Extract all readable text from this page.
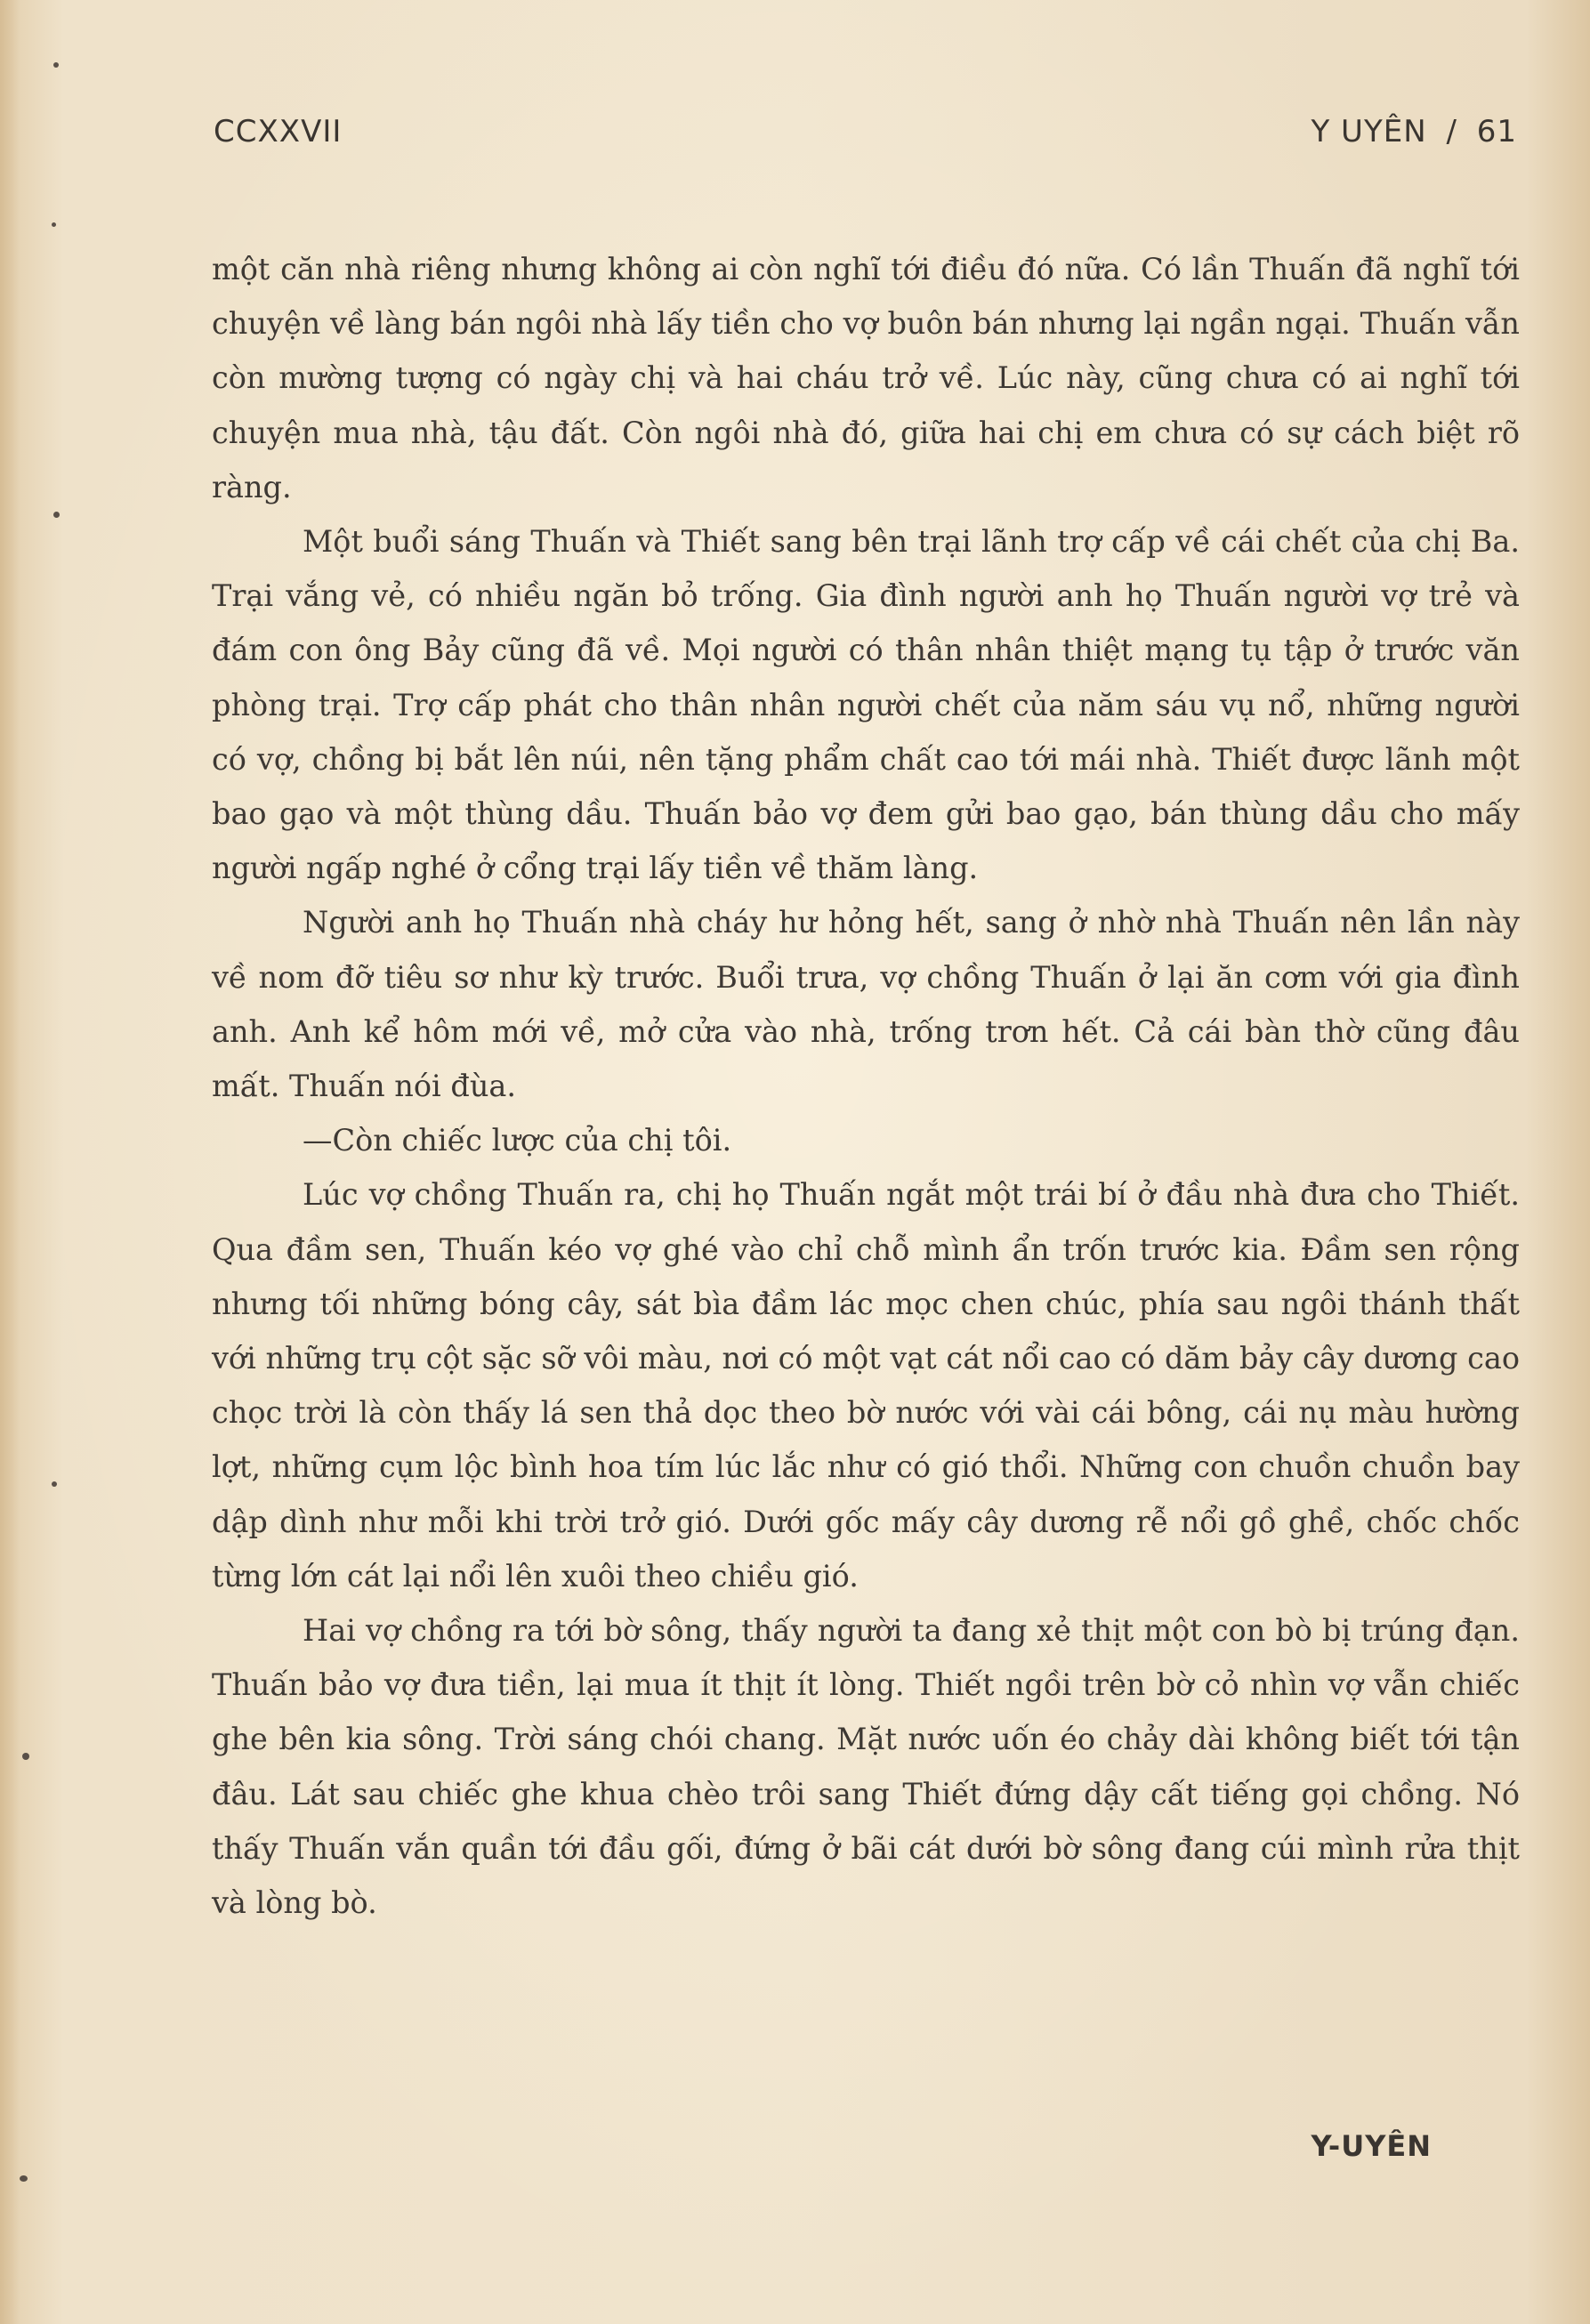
CCXXVII	Y UYÊN / 61

một căn nhà riêng nhưng không ai còn nghĩ tới điều đó nữa. Có lần Thuấn đã nghĩ tới chuyện về làng bán ngôi nhà lấy tiền cho vợ buôn bán nhưng lại ngần ngại. Thuấn vẫn còn mường tượng có ngày chị và hai cháu trở về. Lúc này, cũng chưa có ai nghĩ tới chuyện mua nhà, tậu đất. Còn ngôi nhà đó, giữa hai chị em chưa có sự cách biệt rõ ràng.

Một buổi sáng Thuấn và Thiết sang bên trại lãnh trợ cấp về cái chết của chị Ba. Trại vắng vẻ, có nhiều ngăn bỏ trống. Gia đình người anh họ Thuấn người vợ trẻ và đám con ông Bảy cũng đã về. Mọi người có thân nhân thiệt mạng tụ tập ở trước văn phòng trại. Trợ cấp phát cho thân nhân người chết của năm sáu vụ nổ, những người có vợ, chồng bị bắt lên núi, nên tặng phẩm chất cao tới mái nhà. Thiết được lãnh một bao gạo và một thùng dầu. Thuấn bảo vợ đem gửi bao gạo, bán thùng dầu cho mấy người ngấp nghé ở cổng trại lấy tiền về thăm làng.

Người anh họ Thuấn nhà cháy hư hỏng hết, sang ở nhờ nhà Thuấn nên lần này về nom đỡ tiêu sơ như kỳ trước. Buổi trưa, vợ chồng Thuấn ở lại ăn cơm với gia đình anh. Anh kể hôm mới về, mở cửa vào nhà, trống trơn hết. Cả cái bàn thờ cũng đâu mất. Thuấn nói đùa.

—Còn chiếc lược của chị tôi.

Lúc vợ chồng Thuấn ra, chị họ Thuấn ngắt một trái bí ở đầu nhà đưa cho Thiết. Qua đầm sen, Thuấn kéo vợ ghé vào chỉ chỗ mình ẩn trốn trước kia. Đầm sen rộng nhưng tối những bóng cây, sát bìa đầm lác mọc chen chúc, phía sau ngôi thánh thất với những trụ cột sặc sỡ vôi màu, nơi có một vạt cát nổi cao có dăm bảy cây dương cao chọc trời là còn thấy lá sen thả dọc theo bờ nước với vài cái bông, cái nụ màu hường lợt, những cụm lộc bình hoa tím lúc lắc như có gió thổi. Những con chuồn chuồn bay dập dình như mỗi khi trời trở gió. Dưới gốc mấy cây dương rễ nổi gồ ghề, chốc chốc từng lớn cát lại nổi lên xuôi theo chiều gió.

Hai vợ chồng ra tới bờ sông, thấy người ta đang xẻ thịt một con bò bị trúng đạn. Thuấn bảo vợ đưa tiền, lại mua ít thịt ít lòng. Thiết ngồi trên bờ cỏ nhìn vợ vẫn chiếc ghe bên kia sông. Trời sáng chói chang. Mặt nước uốn éo chảy dài không biết tới tận đâu. Lát sau chiếc ghe khua chèo trôi sang Thiết đứng dậy cất tiếng gọi chồng. Nó thấy Thuấn vắn quần tới đầu gối, đứng ở bãi cát dưới bờ sông đang cúi mình rửa thịt và lòng bò.

Y-UYÊN
